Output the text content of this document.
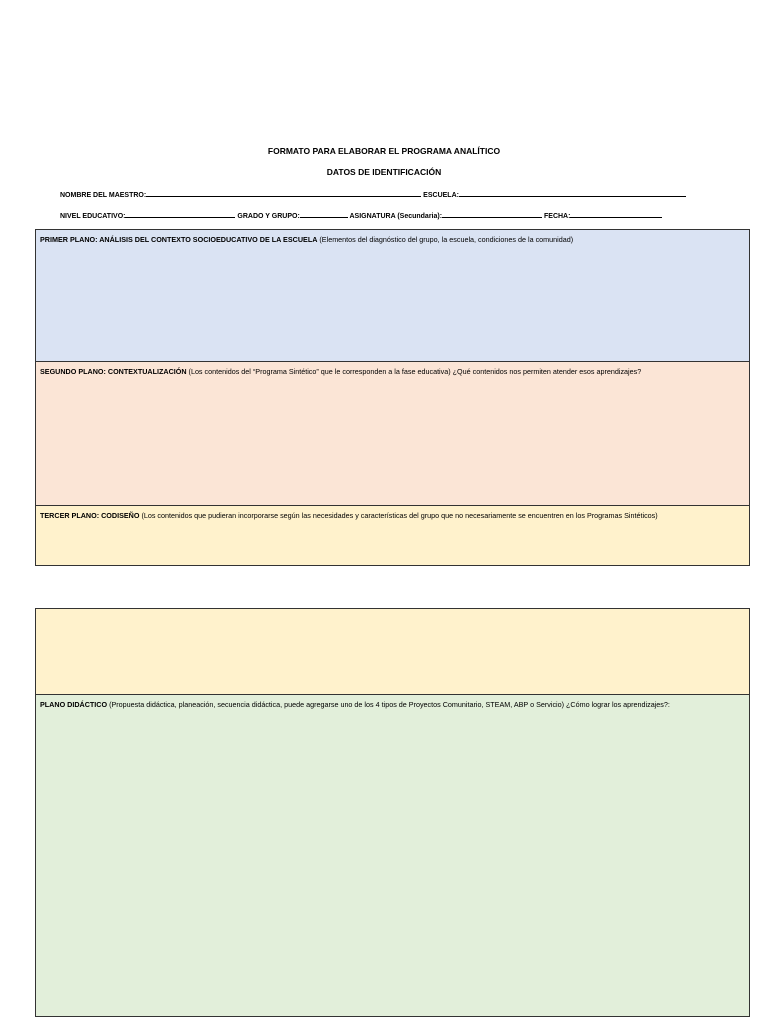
FORMATO PARA ELABORAR EL PROGRAMA ANALÍTICO
DATOS DE IDENTIFICACIÓN
NOMBRE DEL MAESTRO:	ESCUELA:
NIVEL EDUCATIVO:	GRADO Y GRUPO:	ASIGNATURA (Secundaria):	FECHA:
PRIMER PLANO: ANÁLISIS DEL CONTEXTO SOCIOEDUCATIVO DE LA ESCUELA (Elementos del diagnóstico del grupo, la escuela, condiciones de la comunidad)
SEGUNDO PLANO: CONTEXTUALIZACIÓN (Los contenidos del “Programa Sintético” que le corresponden a la fase educativa) ¿Qué contenidos nos permiten atender esos aprendizajes?
TERCER PLANO: CODISEÑO (Los contenidos que pudieran incorporarse según las necesidades y características del grupo que no necesariamente se encuentren en los Programas Sintéticos)
PLANO DIDÁCTICO (Propuesta didáctica, planeación, secuencia didáctica, puede agregarse uno de los 4 tipos de Proyectos Comunitario, STEAM, ABP o Servicio) ¿Cómo lograr los aprendizajes?:
